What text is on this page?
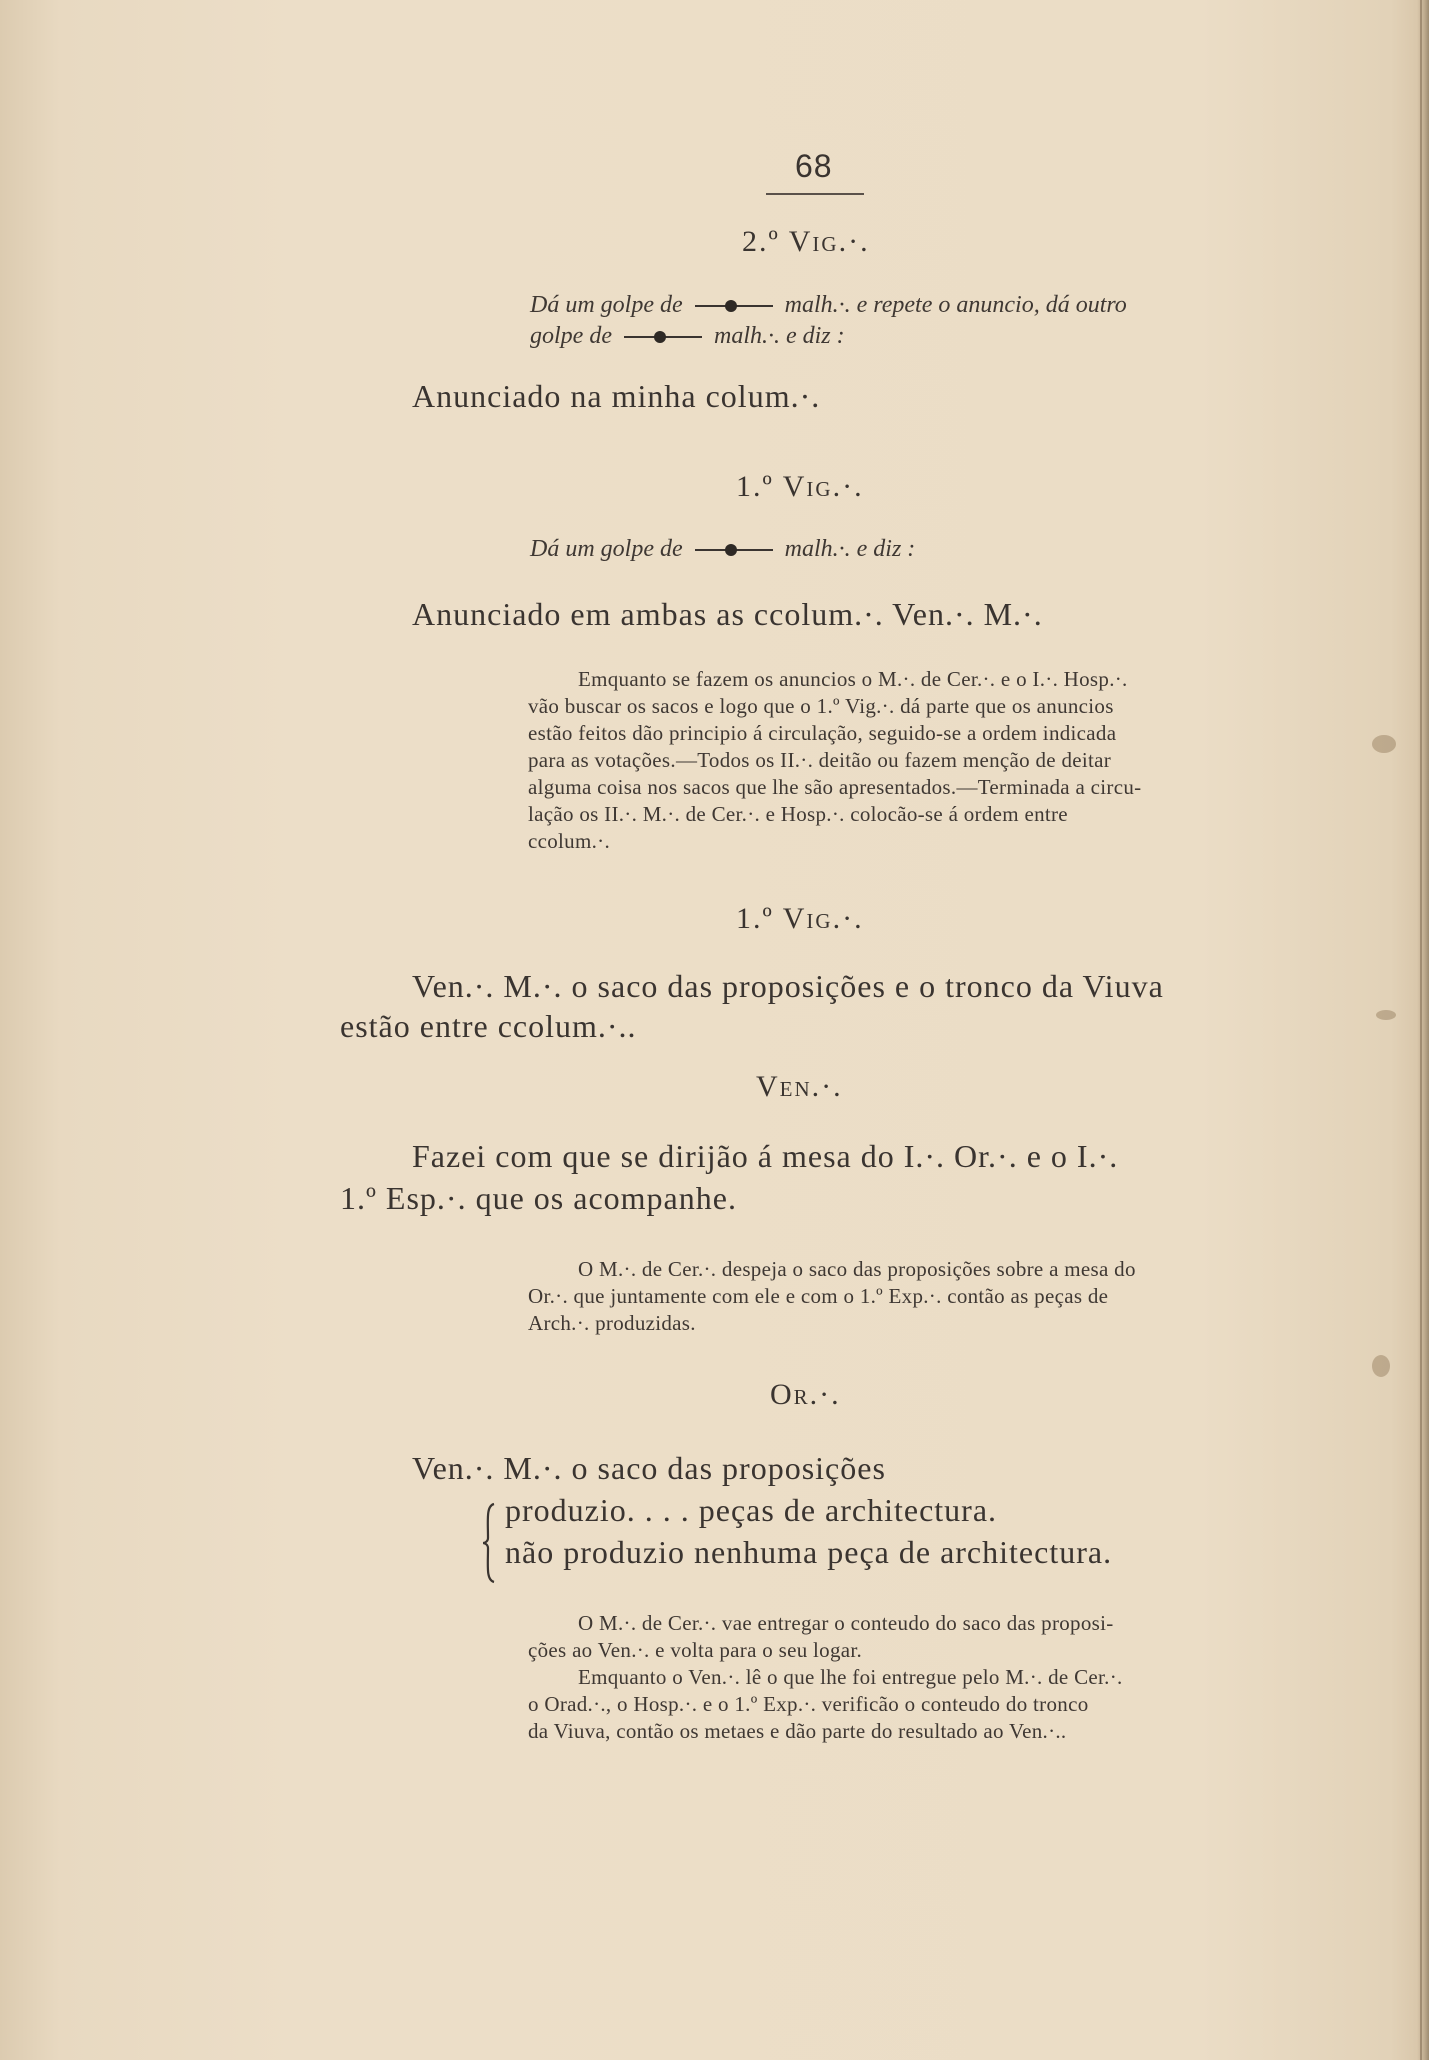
68
2.º Vig.·.
Dá um golpe de	malh.·. e repete o anuncio, dá outro
golpe de	malh.·. e diz :
Anunciado na minha colum.·.
1.º Vig.·.
Dá um golpe de	malh.·. e diz :
Anunciado em ambas as ccolum.·. Ven.·. M.·.
Emquanto se fazem os anuncios o M.·. de Cer.·. e o I.·. Hosp.·.
vão buscar os sacos e logo que o 1.º Vig.·. dá parte que os anuncios
estão feitos dão principio á circulação, seguido-se a ordem indicada
para as votações.—Todos os II.·. deitão ou fazem menção de deitar
alguma coisa nos sacos que lhe são apresentados.—Terminada a circu-
lação os II.·. M.·. de Cer.·. e Hosp.·. colocão-se á ordem entre
ccolum.·.
1.º Vig.·.
Ven.·. M.·. o saco das proposições e o tronco da Viuva
estão entre ccolum.·..
Ven.·.
Fazei com que se dirijão á mesa do I.·. Or.·. e o I.·.
1.º Esp.·. que os acompanhe.
O M.·. de Cer.·. despeja o saco das proposições sobre a mesa do
Or.·. que juntamente com ele e com o 1.º Exp.·. contão as peças de
Arch.·. produzidas.
Or.·.
Ven.·. M.·. o saco das proposições
produzio. . . . peças de architectura.
não produzio nenhuma peça de architectura.
O M.·. de Cer.·. vae entregar o conteudo do saco das proposi-
ções ao Ven.·. e volta para o seu logar.
Emquanto o Ven.·. lê o que lhe foi entregue pelo M.·. de Cer.·.
o Orad.·., o Hosp.·. e o 1.º Exp.·. verificão o conteudo do tronco
da Viuva, contão os metaes e dão parte do resultado ao Ven.·..
